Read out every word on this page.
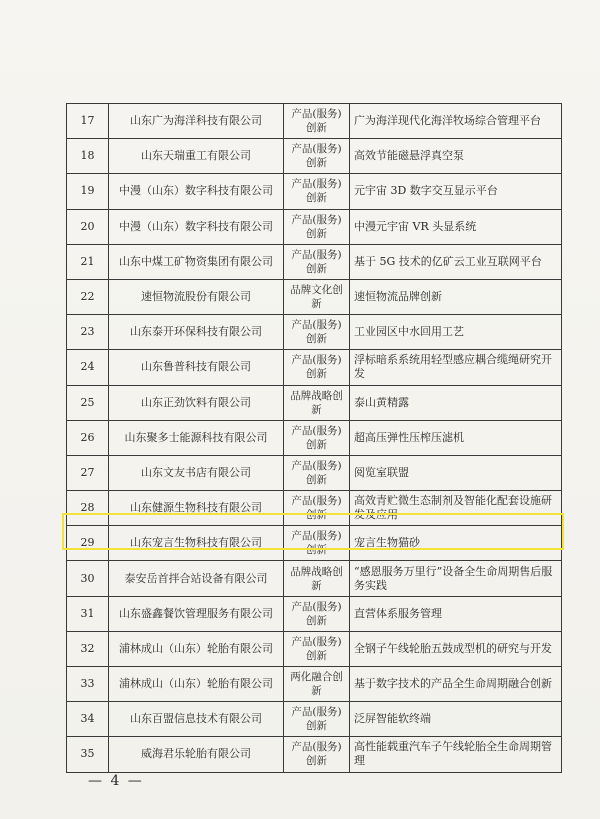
17	山东广为海洋科技有限公司	产品(服务)创新	广为海洋现代化海洋牧场综合管理平台
18	山东天瑞重工有限公司	产品(服务)创新	高效节能磁悬浮真空泵
19	中漫（山东）数字科技有限公司	产品(服务)创新	元宇宙 3D 数字交互显示平台
20	中漫（山东）数字科技有限公司	产品(服务)创新	中漫元宇宙 VR 头显系统
21	山东中煤工矿物资集团有限公司	产品(服务)创新	基于 5G 技术的亿矿云工业互联网平台
22	速恒物流股份有限公司	品牌文化创新	速恒物流品牌创新
23	山东泰开环保科技有限公司	产品(服务)创新	工业园区中水回用工艺
24	山东鲁普科技有限公司	产品(服务)创新	浮标暗系系统用轻型感应耦合缆绳研究开发
25	山东正劲饮料有限公司	品牌战略创新	泰山黄精露
26	山东聚多士能源科技有限公司	产品(服务)创新	超高压弹性压榨压滤机
27	山东文友书店有限公司	产品(服务)创新	阅览室联盟
28	山东健源生物科技有限公司	产品(服务)创新	高效青贮微生态制剂及智能化配套设施研发及应用
29	山东宠言生物科技有限公司	产品(服务)创新	宠言生物猫砂
30	泰安岳首拌合站设备有限公司	品牌战略创新	“感恩服务万里行”设备全生命周期售后服务实践
31	山东盛鑫餐饮管理服务有限公司	产品(服务)创新	直营体系服务管理
32	浦林成山（山东）轮胎有限公司	产品(服务)创新	全钢子午线轮胎五鼓成型机的研究与开发
33	浦林成山（山东）轮胎有限公司	两化融合创新	基于数字技术的产品全生命周期融合创新
34	山东百盟信息技术有限公司	产品(服务)创新	泛屏智能软终端
35	威海君乐轮胎有限公司	产品(服务)创新	高性能载重汽车子午线轮胎全生命周期管理
— 4 —
